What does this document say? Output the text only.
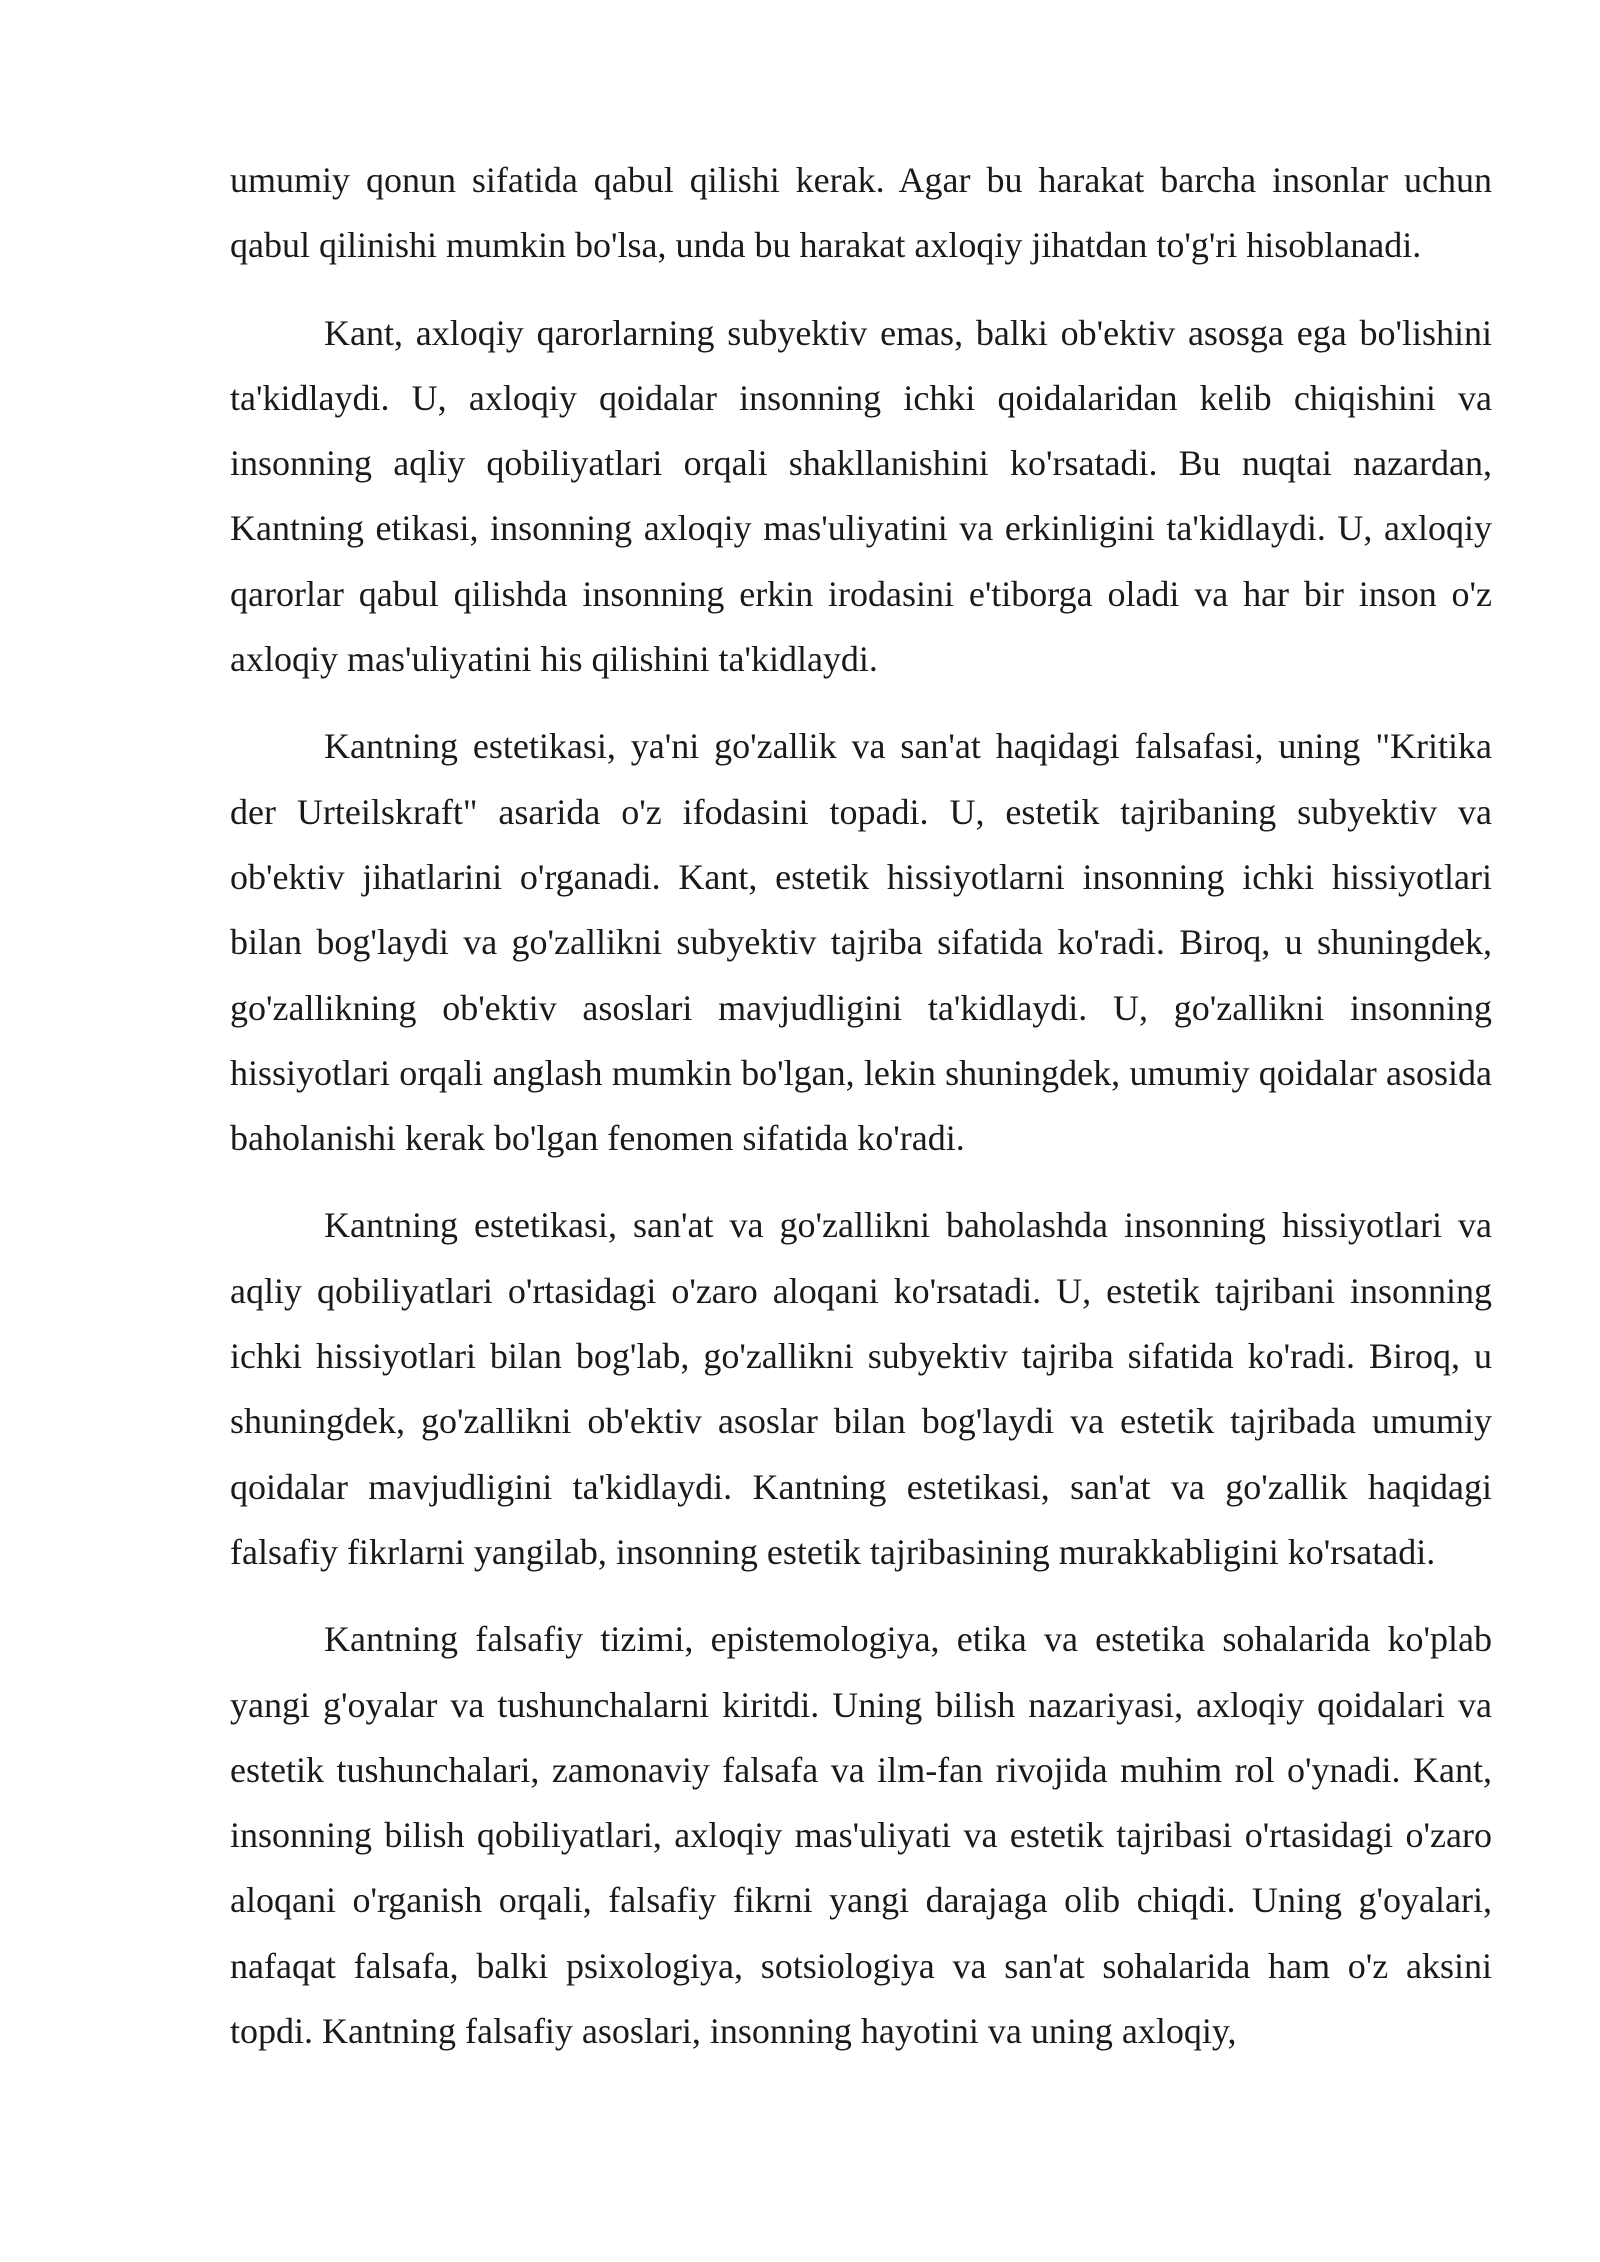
umumiy qonun sifatida qabul qilishi kerak. Agar bu harakat barcha insonlar uchun qabul qilinishi mumkin bo'lsa, unda bu harakat axloqiy jihatdan to'g'ri hisoblanadi.

Kant, axloqiy qarorlarning subyektiv emas, balki ob'ektiv asosga ega bo'lishini ta'kidlaydi. U, axloqiy qoidalar insonning ichki qoidalaridan kelib chiqishini va insonning aqliy qobiliyatlari orqali shakllanishini ko'rsatadi. Bu nuqtai nazardan, Kantning etikasi, insonning axloqiy mas'uliyatini va erkinligini ta'kidlaydi. U, axloqiy qarorlar qabul qilishda insonning erkin irodasini e'tiborga oladi va har bir inson o'z axloqiy mas'uliyatini his qilishini ta'kidlaydi.

Kantning estetikasi, ya'ni go'zallik va san'at haqidagi falsafasi, uning "Kritika der Urteilskraft" asarida o'z ifodasini topadi. U, estetik tajribaning subyektiv va ob'ektiv jihatlarini o'rganadi. Kant, estetik hissiyotlarni insonning ichki hissiyotlari bilan bog'laydi va go'zallikni subyektiv tajriba sifatida ko'radi. Biroq, u shuningdek, go'zallikning ob'ektiv asoslari mavjudligini ta'kidlaydi. U, go'zallikni insonning hissiyotlari orqali anglash mumkin bo'lgan, lekin shuningdek, umumiy qoidalar asosida baholanishi kerak bo'lgan fenomen sifatida ko'radi.

Kantning estetikasi, san'at va go'zallikni baholashda insonning hissiyotlari va aqliy qobiliyatlari o'rtasidagi o'zaro aloqani ko'rsatadi. U, estetik tajribani insonning ichki hissiyotlari bilan bog'lab, go'zallikni subyektiv tajriba sifatida ko'radi. Biroq, u shuningdek, go'zallikni ob'ektiv asoslar bilan bog'laydi va estetik tajribada umumiy qoidalar mavjudligini ta'kidlaydi. Kantning estetikasi, san'at va go'zallik haqidagi falsafiy fikrlarni yangilab, insonning estetik tajribasining murakkabligini ko'rsatadi.

Kantning falsafiy tizimi, epistemologiya, etika va estetika sohalarida ko'plab yangi g'oyalar va tushunchalarni kiritdi. Uning bilish nazariyasi, axloqiy qoidalari va estetik tushunchalari, zamonaviy falsafa va ilm-fan rivojida muhim rol o'ynadi. Kant, insonning bilish qobiliyatlari, axloqiy mas'uliyati va estetik tajribasi o'rtasidagi o'zaro aloqani o'rganish orqali, falsafiy fikrni yangi darajaga olib chiqdi. Uning g'oyalari, nafaqat falsafa, balki psixologiya, sotsiologiya va san'at sohalarida ham o'z aksini topdi. Kantning falsafiy asoslari, insonning hayotini va uning axloqiy,
